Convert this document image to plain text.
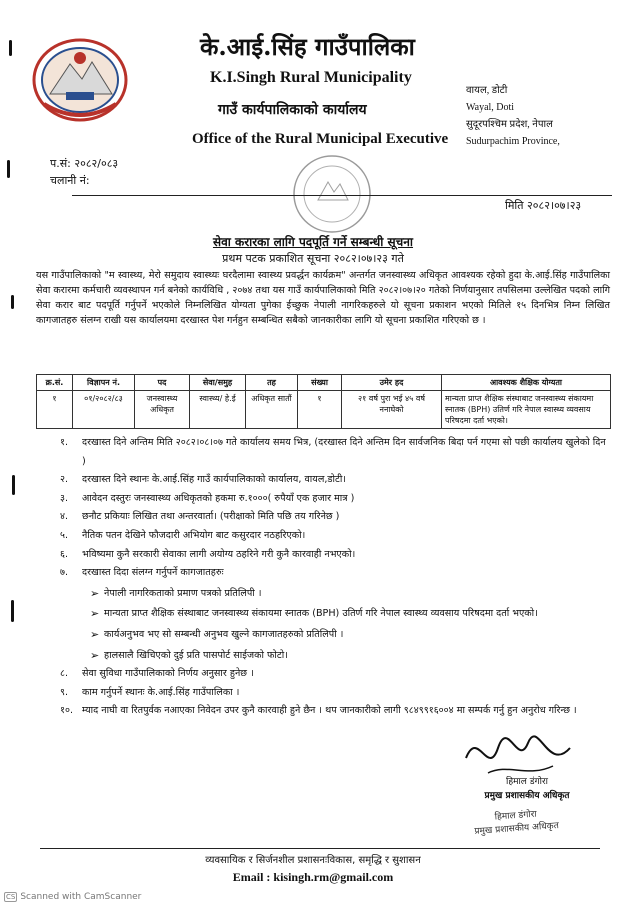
के.आई.सिंह गाउँपालिका
K.I.Singh Rural Municipality
गाउँ कार्यपालिकाको कार्यालय
Office of the Rural Municipal Executive
वायल, डोटी
Wayal, Doti
सुदूरपश्चिम प्रदेश, नेपाल
Sudurpachim Province,
प.सं: २०८२/०८३
चलानी नं:
मिति २०८२।०७।२३
सेवा करारका लागि पदपूर्ति गर्ने सम्बन्धी सूचना
प्रथम पटक प्रकाशित सूचना २०८२।०७।२३ गते
यस गाउँपालिकाको "म स्वास्थ्य, मेरो समुदाय स्वास्थ्यः घरदैलामा स्वास्थ्य प्रवर्द्धन कार्यक्रम" अन्तर्गत जनस्वास्थ्य अधिकृत आवश्यक रहेको हुदा के.आई.सिंह गाउँपालिका सेवा करारमा कर्मचारी व्यवस्थापन गर्न बनेको कार्यविधि , २०७४ तथा यस गाउँ कार्यपालिकाको मिति २०८२।०७।२० गतेको निर्णयानुसार तपसिलमा उल्लेखित पदको लागि सेवा करार बाट पदपूर्ति गर्नुपर्ने भएकोले निम्नलिखित योग्यता पुगेका ईच्छुक नेपाली नागरिकहरुले यो सूचना प्रकाशन भएको मितिले १५ दिनभित्र निम्न लिखित कागजातहरु संलग्न राखी यस कार्यालयमा दरखास्त पेश गर्नहुन सम्बन्धित सबैको जानकारीका लागि यो सूचना प्रकाशित गरिएको छ ।
क्र.सं.	विज्ञापन नं.	पद	सेवा/समुह	तह	संख्या	उमेर हद	आवश्यक शैक्षिक योग्यता
१	०१/२०८२/८३	जनस्वास्थ्य अधिकृत	स्वास्थ्य/ हे.ई	अधिकृत सातौं	१	२१ वर्ष पुरा भई ४५ वर्ष ननाघेको	मान्यता प्राप्त शैक्षिक संस्थाबाट जनस्वास्थ्य संकायमा स्नातक (BPH) उतिर्ण गरि नेपाल स्वास्थ्य व्यवसाय परिषदमा दर्ता भएको।
१. दरखास्त दिने अन्तिम मिति २०८२।०८।०७ गते कार्यालय समय भित्र, (दरखास्त दिने अन्तिम दिन सार्वजनिक बिदा पर्न गएमा सो पछी कार्यालय खुलेको दिन )
२. दरखास्त दिने स्थानः के.आई.सिंह गाउँ कार्यपालिकाको कार्यालय, वायल,डोटी।
३. आवेदन दस्तुरः जनस्वास्थ्य अधिकृतको हकमा रु.१०००( रुपैयाँ एक हजार मात्र )
४. छनौट प्रकियाः लिखित तथा अन्तरवार्ता। (परीक्षाको मिति पछि तय गरिनेछ )
५. नैतिक पतन देखिने फौजदारी अभियोग बाट कसुरदार नठहरिएको।
६. भविष्यमा कुनै सरकारी सेवाका लागी अयोग्य ठहरिने गरी कुनै कारवाही नभएको।
७. दरखास्त दिदा संलग्न गर्नुपर्ने कागजातहरुः
➢ नेपाली नागरिकताको प्रमाण पत्रको प्रतिलिपी ।
➢ मान्यता प्राप्त शैक्षिक संस्थाबाट जनस्वास्थ्य संकायमा स्नातक (BPH) उतिर्ण गरि नेपाल स्वास्थ्य व्यवसाय परिषदमा दर्ता भएको।
➢ कार्यअनुभव भए सो सम्बन्धी अनुभव खुल्ने कागजातहरुको प्रतिलिपी ।
➢ हालसालै खिचिएको दुई प्रति पासपोर्ट साईजको फोटो।
८. सेवा सुविधा गाउँपालिकाको निर्णय अनुसार हुनेछ ।
९. काम गर्नुपर्ने स्थानः के.आई.सिंह गाउँपालिका ।
१०. म्याद नाघी वा रितपुर्वक नआएका निवेदन उपर कुनै कारवाही हुने छैन । थप जानकारीको लागी ९८४९९१६००४ मा सम्पर्क गर्नु हुन अनुरोध गरिन्छ ।
हिमाल डंगोरा
प्रमुख प्रशासकीय अधिकृत
हिमाल डंगोरा
प्रमुख प्रशासकीय अधिकृत
व्यवसायिक र सिर्जनशील प्रशासनःविकास, समृद्धि र सुशासन
Email : kisingh.rm@gmail.com
CS Scanned with CamScanner
